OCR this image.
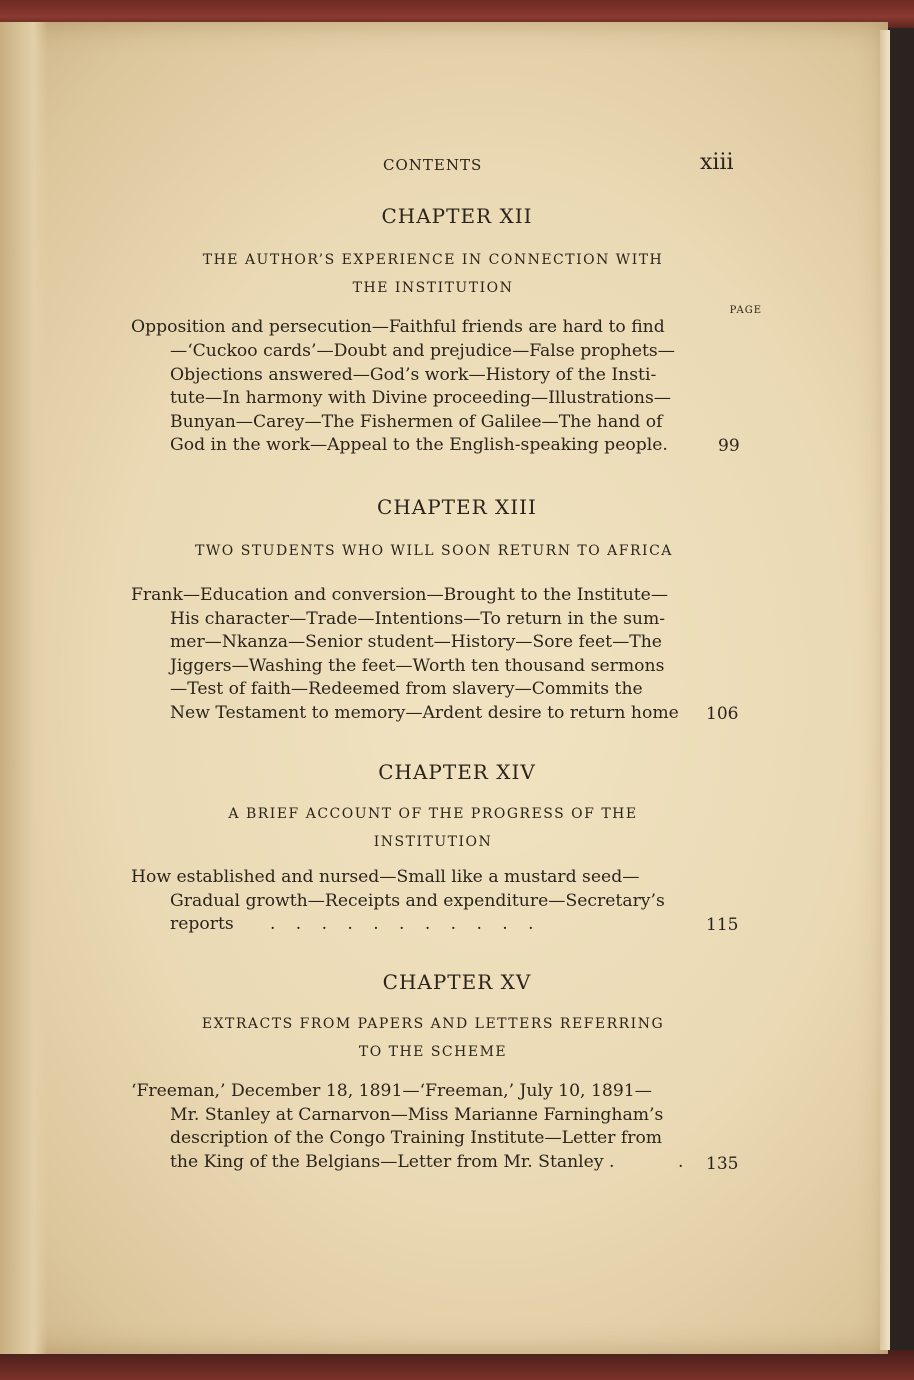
CONTENTS	xiii
CHAPTER XII
THE AUTHOR’S EXPERIENCE IN CONNECTION WITH
THE INSTITUTION
PAGE
Opposition and persecution—Faithful friends are hard to find
—‘Cuckoo cards’—Doubt and prejudice—False prophets—
Objections answered—God’s work—History of the Insti-
tute—In harmony with Divine proceeding—Illustrations—
Bunyan—Carey—The Fishermen of Galilee—The hand of
God in the work—Appeal to the English-speaking people.	99
CHAPTER XIII
TWO STUDENTS WHO WILL SOON RETURN TO AFRICA
Frank—Education and conversion—Brought to the Institute—
His character—Trade—Intentions—To return in the sum-
mer—Nkanza—Senior student—History—Sore feet—The
Jiggers—Washing the feet—Worth ten thousand sermons
—Test of faith—Redeemed from slavery—Commits the
New Testament to memory—Ardent desire to return home 106
CHAPTER XIV
A BRIEF ACCOUNT OF THE PROGRESS OF THE
INSTITUTION
How established and nursed—Small like a mustard seed—
Gradual growth—Receipts and expenditure—Secretary’s
reports . . . . . . . . . . .	115
CHAPTER XV
EXTRACTS FROM PAPERS AND LETTERS REFERRING
TO THE SCHEME
‘Freeman,’ December 18, 1891—‘Freeman,’ July 10, 1891—
Mr. Stanley at Carnarvon—Miss Marianne Farningham’s
description of the Congo Training Institute—Letter from
the King of the Belgians—Letter from Mr. Stanley .	. 135
